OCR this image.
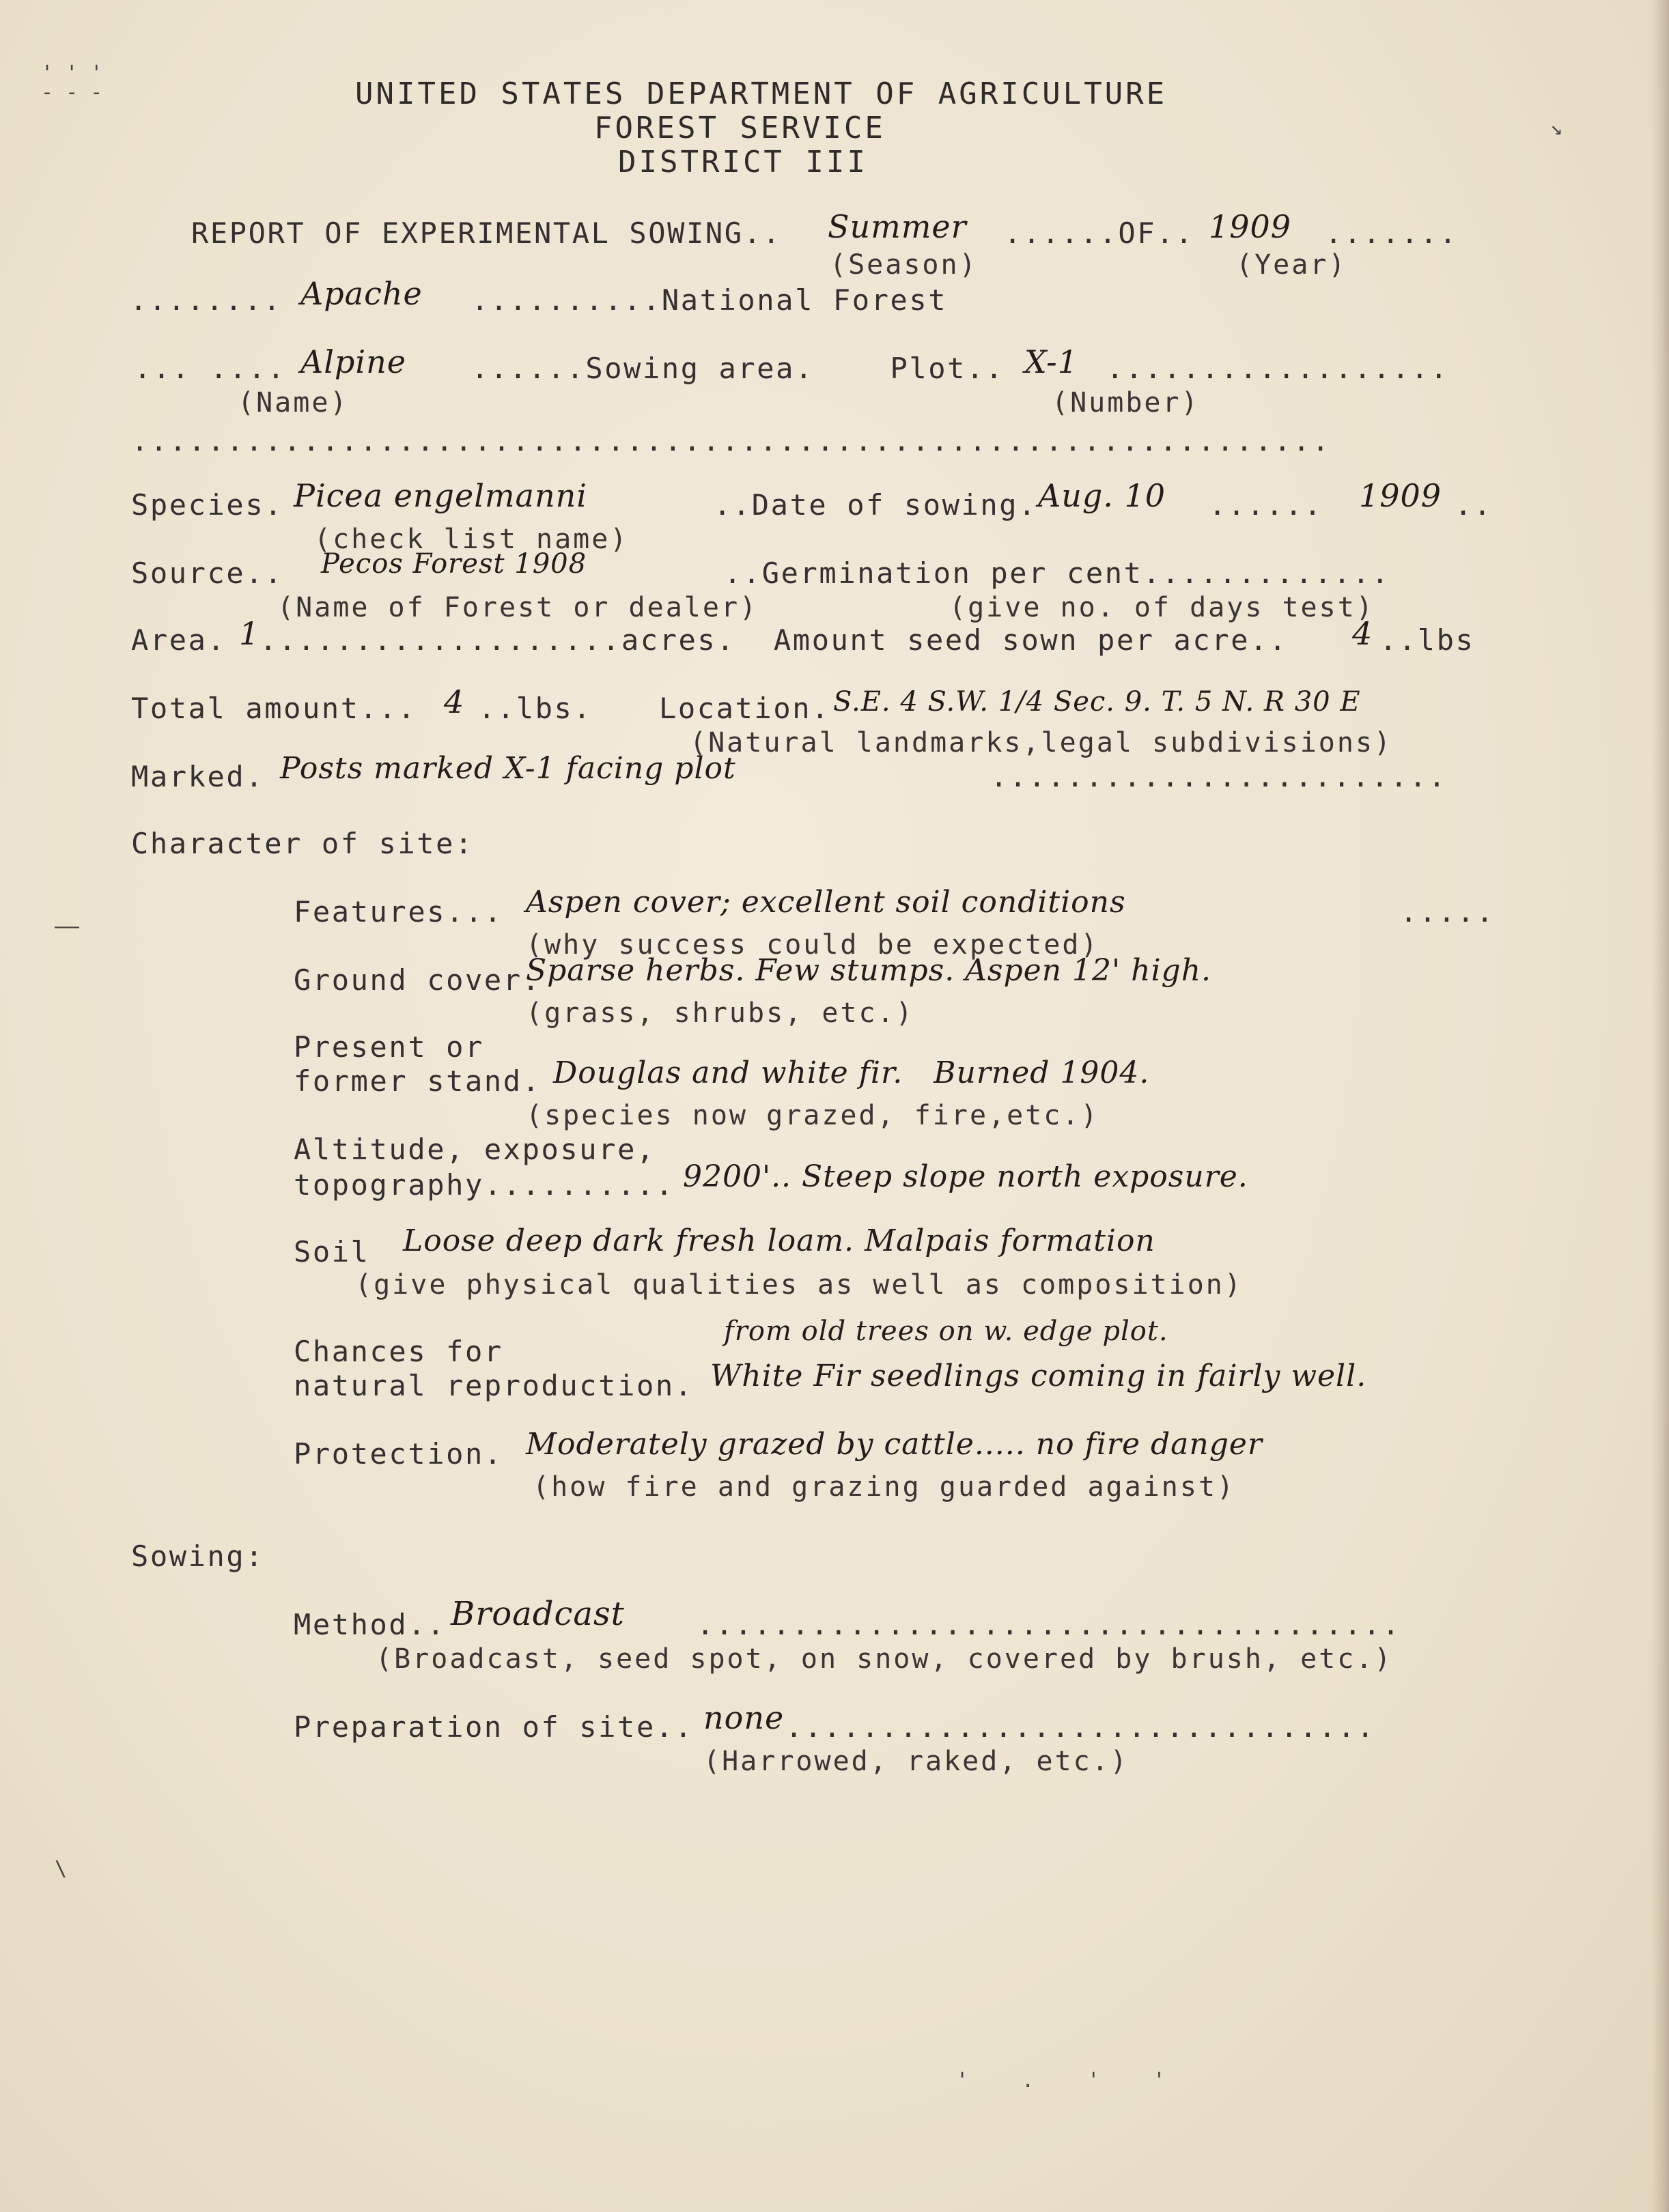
UNITED STATES DEPARTMENT OF AGRICULTURE
FOREST SERVICE
DISTRICT III
REPORT OF EXPERIMENTAL SOWING.. Summer ......OF.. 1909 .......
(Season)	(Year)
........ Apache ..........National Forest
... .... Alpine ......Sowing area.    Plot.. X-1 ..................
(Name)	(Number)
...............................................................
Species. Picea engelmanni	..Date of sowing. Aug. 10 ...... 1909 ..
(check list name)
Source.. Pecos Forest 1908	..Germination per cent.............
(Name of Forest or dealer)	(give no. of days test)
Area. 1 ...................acres.  Amount seed sown per acre.. 4 ..lbs
Total amount... 4 ..lbs. Location. S.E. 4 S.W. 1/4 Sec. 9. T. 5 N. R 30 E
(Natural landmarks,legal subdivisions)
Marked. Posts marked X-1 facing plot	........................
Character of site:
Features... Aspen cover; excellent soil conditions	.....
(why success could be expected)
Ground cover.
Sparse herbs. Few stumps. Aspen 12' high.
(grass, shrubs, etc.)
Present or
former stand. Douglas and white fir.   Burned 1904.
(species now grazed, fire,etc.)
Altitude, exposure,
topography.......... 9200'.. Steep slope north exposure.
Soil Loose deep dark fresh loam. Malpais formation
(give physical qualities as well as composition)
from old trees on w. edge plot.
Chances for
natural reproduction. White Fir seedlings coming in fairly well.
Protection. Moderately grazed by cattle..... no fire danger
(how fire and grazing guarded against)
Sowing:
Method.. Broadcast	.....................................
(Broadcast, seed spot, on snow, covered by brush, etc.)
Preparation of site.. none ...............................
(Harrowed, raked, etc.)
' ' '
- - -
——
↘
\
' . ' '
